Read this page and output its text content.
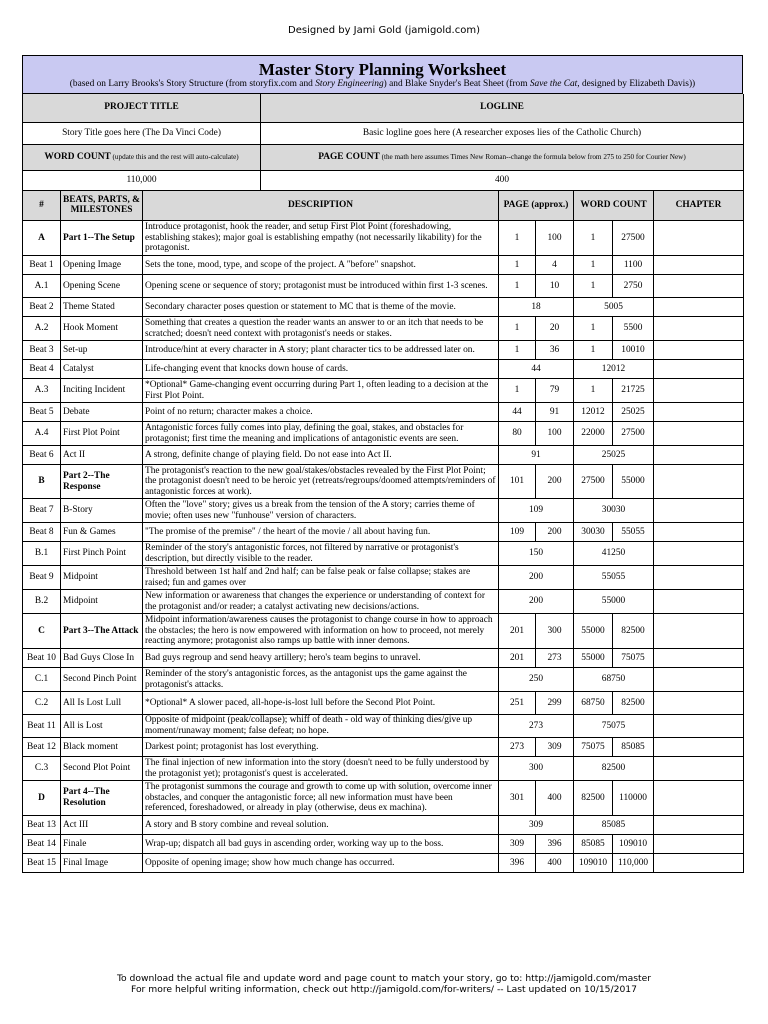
Designed by Jami Gold (jamigold.com)
Master Story Planning Worksheet
(based on Larry Brooks's Story Structure (from storyfix.com and Story Engineering) and Blake Snyder's Beat Sheet (from Save the Cat, designed by Elizabeth Davis))
PROJECT TITLE	LOGLINE
Story Title goes here (The Da Vinci Code)	Basic logline goes here (A researcher exposes lies of the Catholic Church)
WORD COUNT (update this and the rest will auto-calculate)	PAGE COUNT (the math here assumes Times New Roman--change the formula below from 275 to 250 for Courier New)
110,000	400
#	BEATS, PARTS, & MILESTONES	DESCRIPTION	PAGE (approx.)		WORD COUNT		CHAPTER
A	Part 1--The Setup	Introduce protagonist, hook the reader, and setup First Plot Point (foreshadowing, establishing stakes); major goal is establishing empathy (not necessarily likability) for the protagonist.	1	100	1	27500	
Beat 1	Opening Image	Sets the tone, mood, type, and scope of the project. A "before" snapshot.	1	4	1	1100	
A.1	Opening Scene	Opening scene or sequence of story; protagonist must be introduced within first 1-3 scenes.	1	10	1	2750	
Beat 2	Theme Stated	Secondary character poses question or statement to MC that is theme of the movie.	18		5005		
A.2	Hook Moment	Something that creates a question the reader wants an answer to or an itch that needs to be scratched; doesn't need context with protagonist's needs or stakes.	1	20	1	5500	
Beat 3	Set-up	Introduce/hint at every character in A story; plant character tics to be addressed later on.	1	36	1	10010	
Beat 4	Catalyst	Life-changing event that knocks down house of cards.	44		12012		
A.3	Inciting Incident	*Optional* Game-changing event occurring during Part 1, often leading to a decision at the First Plot Point.	1	79	1	21725	
Beat 5	Debate	Point of no return; character makes a choice.	44	91	12012	25025	
A.4	First Plot Point	Antagonistic forces fully comes into play, defining the goal, stakes, and obstacles for protagonist; first time the meaning and implications of antagonistic events are seen.	80	100	22000	27500	
Beat 6	Act II	A strong, definite change of playing field. Do not ease into Act II.	91		25025		
B	Part 2--The Response	The protagonist's reaction to the new goal/stakes/obstacles revealed by the First Plot Point; the protagonist doesn't need to be heroic yet (retreats/regroups/doomed attempts/reminders of antagonistic forces at work).	101	200	27500	55000	
Beat 7	B-Story	Often the "love" story; gives us a break from the tension of the A story; carries theme of movie; often uses new "funhouse" version of characters.	109		30030		
Beat 8	Fun & Games	"The promise of the premise" / the heart of the movie / all about having fun.	109	200	30030	55055	
B.1	First Pinch Point	Reminder of the story's antagonistic forces, not filtered by narrative or protagonist's description, but directly visible to the reader.	150		41250		
Beat 9	Midpoint	Threshold between 1st half and 2nd half; can be false peak or false collapse; stakes are raised; fun and games over	200		55055		
B.2	Midpoint	New information or awareness that changes the experience or understanding of context for the protagonist and/or reader; a catalyst activating new decisions/actions.	200		55000		
C	Part 3--The Attack	Midpoint information/awareness causes the protagonist to change course in how to approach the obstacles; the hero is now empowered with information on how to proceed, not merely reacting anymore; protagonist also ramps up battle with inner demons.	201	300	55000	82500	
Beat 10	Bad Guys Close In	Bad guys regroup and send heavy artillery; hero's team begins to unravel.	201	273	55000	75075	
C.1	Second Pinch Point	Reminder of the story's antagonistic forces, as the antagonist ups the game against the protagonist's attacks.	250		68750		
C.2	All Is Lost Lull	*Optional* A slower paced, all-hope-is-lost lull before the Second Plot Point.	251	299	68750	82500	
Beat 11	All is Lost	Opposite of midpoint (peak/collapse); whiff of death - old way of thinking dies/give up moment/runaway moment; false defeat; no hope.	273		75075		
Beat 12	Black moment	Darkest point; protagonist has lost everything.	273	309	75075	85085	
C.3	Second Plot Point	The final injection of new information into the story (doesn't need to be fully understood by the protagonist yet); protagonist's quest is accelerated.	300		82500		
D	Part 4--The Resolution	The protagonist summons the courage and growth to come up with solution, overcome inner obstacles, and conquer the antagonistic force; all new information must have been referenced, foreshadowed, or already in play (otherwise, deus ex machina).	301	400	82500	110000	
Beat 13	Act III	A story and B story combine and reveal solution.	309		85085		
Beat 14	Finale	Wrap-up; dispatch all bad guys in ascending order, working way up to the boss.	309	396	85085	109010	
Beat 15	Final Image	Opposite of opening image; show how much change has occurred.	396	400	109010	110,000	
To download the actual file and update word and page count to match your story, go to: http://jamigold.com/master
For more helpful writing information, check out http://jamigold.com/for-writers/ -- Last updated on 10/15/2017
